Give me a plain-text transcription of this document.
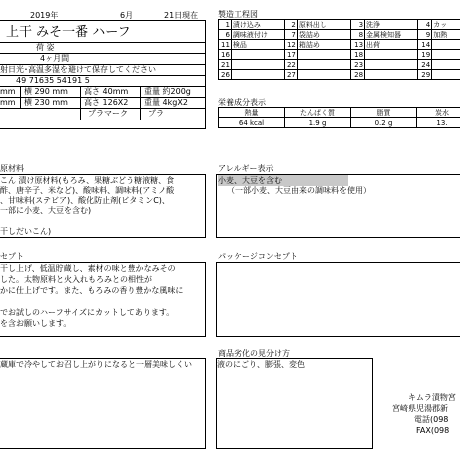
2019年	6月	21日現在
上干 みそ一番 ハーフ
荷 姿
4ヶ月間
射日光･高温多湿を避けて保存してください
49 71635 54191 5
mm 横 290 mm 高さ 40mm 重量 約200g
mm 横 230 mm 高さ 126X2 重量 4kgX2
プラマーク	プラ
製造工程図
1	漬け込み	2	原料出し	3	洗浄	4	カッ
6	調味液付け	7	袋詰め	8	金属検知器	9	加熱
11	検品	12	箱詰め	13	出荷	14	
16		17		18		19	
21		22		23		24	
26		27		28		29	
栄養成分表示
熱量	たんぱく質	脂質	炭水
64 kcal	1.9 g	0.2 g	13.
原材料
こん 漬け原材料(もろみ、果糖ぶどう糖液糖、食
酢、唐辛子、米など)、酸味料、調味料(アミノ酸
、甘味料(ステビア)、酸化防止剤(ビタミンC)、
一部に小麦、大豆を含む)
干しだいこん)
アレルギー表示
小麦、大豆を含む
（一部小麦、大豆由来の調味料を使用）
セプト
干し上げ、低温貯蔵し、素材の味と豊かなみその
した。太物原料と火入れもろみとの相性が
かに仕上げです。また、もろみの香り豊かな風味に
でお試しのハーフサイズにカットしてあります。
を含お願いします。
パッケージコンセプト
蔵庫で冷やしてお召し上がりになると一層美味しくい
商品劣化の見分け方
液のにごり、膨張、変色
キムラ漬物宮
宮崎県児湯郡新
電話(098
FAX(098
